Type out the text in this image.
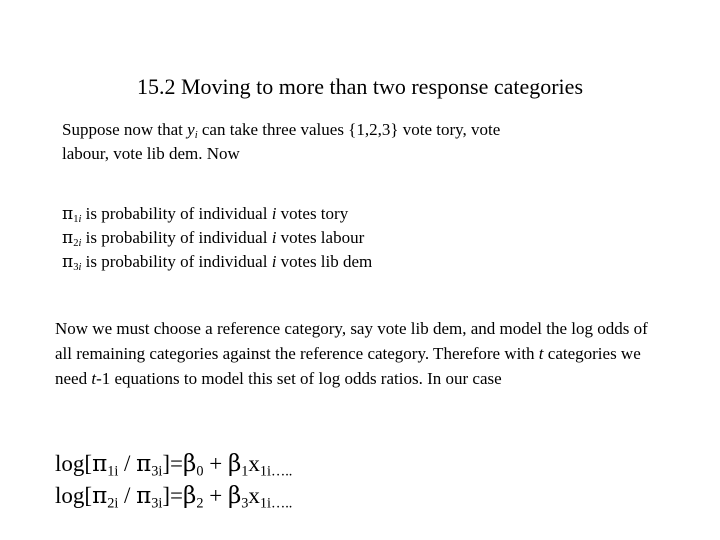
15.2 Moving to more than two response categories
Suppose now that $y_i$ can take three values {1,2,3} vote tory, vote
labour, vote lib dem. Now
$\pi_{1i}$ is probability of individual i votes tory
$\pi_{2i}$ is probability of individual i votes labour
$\pi_{3i}$ is probability of individual i votes lib dem
Now we must choose a reference category, say vote lib dem, and model the log odds of all remaining categories against the reference category. Therefore with t categories we need t-1 equations to model this set of log odds ratios. In our case
$\log[\pi_{1i} / \pi_{3i}]=\beta_0 + \beta_1x_{1i\dots..}$
$\log[\pi_{2i} / \pi_{3i}]=\beta_2 + \beta_3x_{1i\dots..}$
